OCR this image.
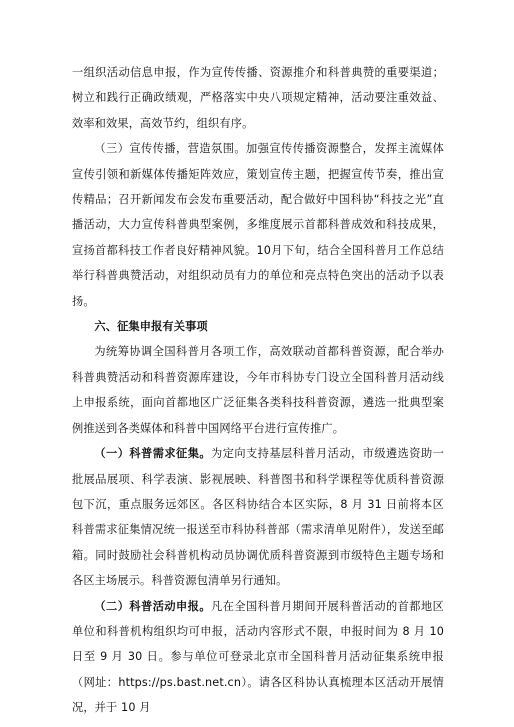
一组织活动信息申报，作为宣传传播、资源推介和科普典赞的重要渠道；树立和践行正确政绩观，严格落实中央八项规定精神，活动要注重效益、效率和效果，高效节约，组织有序。

（三）宣传传播，营造氛围。加强宣传传播资源整合，发挥主流媒体宣传引领和新媒体传播矩阵效应，策划宣传主题，把握宣传节奏，推出宣传精品；召开新闻发布会发布重要活动，配合做好中国科协“科技之光”直播活动，大力宣传科普典型案例，多维度展示首都科普成效和科技成果，宣扬首都科技工作者良好精神风貌。10月下旬，结合全国科普月工作总结举行科普典赞活动，对组织动员有力的单位和亮点特色突出的活动予以表扬。

六、征集申报有关事项

为统筹协调全国科普月各项工作，高效联动首都科普资源，配合举办科普典赞活动和科普资源库建设，今年市科协专门设立全国科普月活动线上申报系统，面向首都地区广泛征集各类科技科普资源，遴选一批典型案例推送到各类媒体和科普中国网络平台进行宣传推广。

（一）科普需求征集。为定向支持基层科普月活动，市级遴选资助一批展品展项、科学表演、影视展映、科普图书和科学课程等优质科普资源包下沉，重点服务远郊区。各区科协结合本区实际，8 月 31 日前将本区科普需求征集情况统一报送至市科协科普部（需求清单见附件），发送至邮箱。同时鼓励社会科普机构动员协调优质科普资源到市级特色主题专场和各区主场展示。科普资源包清单另行通知。

（二）科普活动申报。凡在全国科普月期间开展科普活动的首都地区单位和科普机构组织均可申报，活动内容形式不限，申报时间为 8 月 10 日至 9 月 30 日。参与单位可登录北京市全国科普月活动征集系统申报（网址：https://ps.bast.net.cn）。请各区科协认真梳理本区活动开展情况，并于 10 月
